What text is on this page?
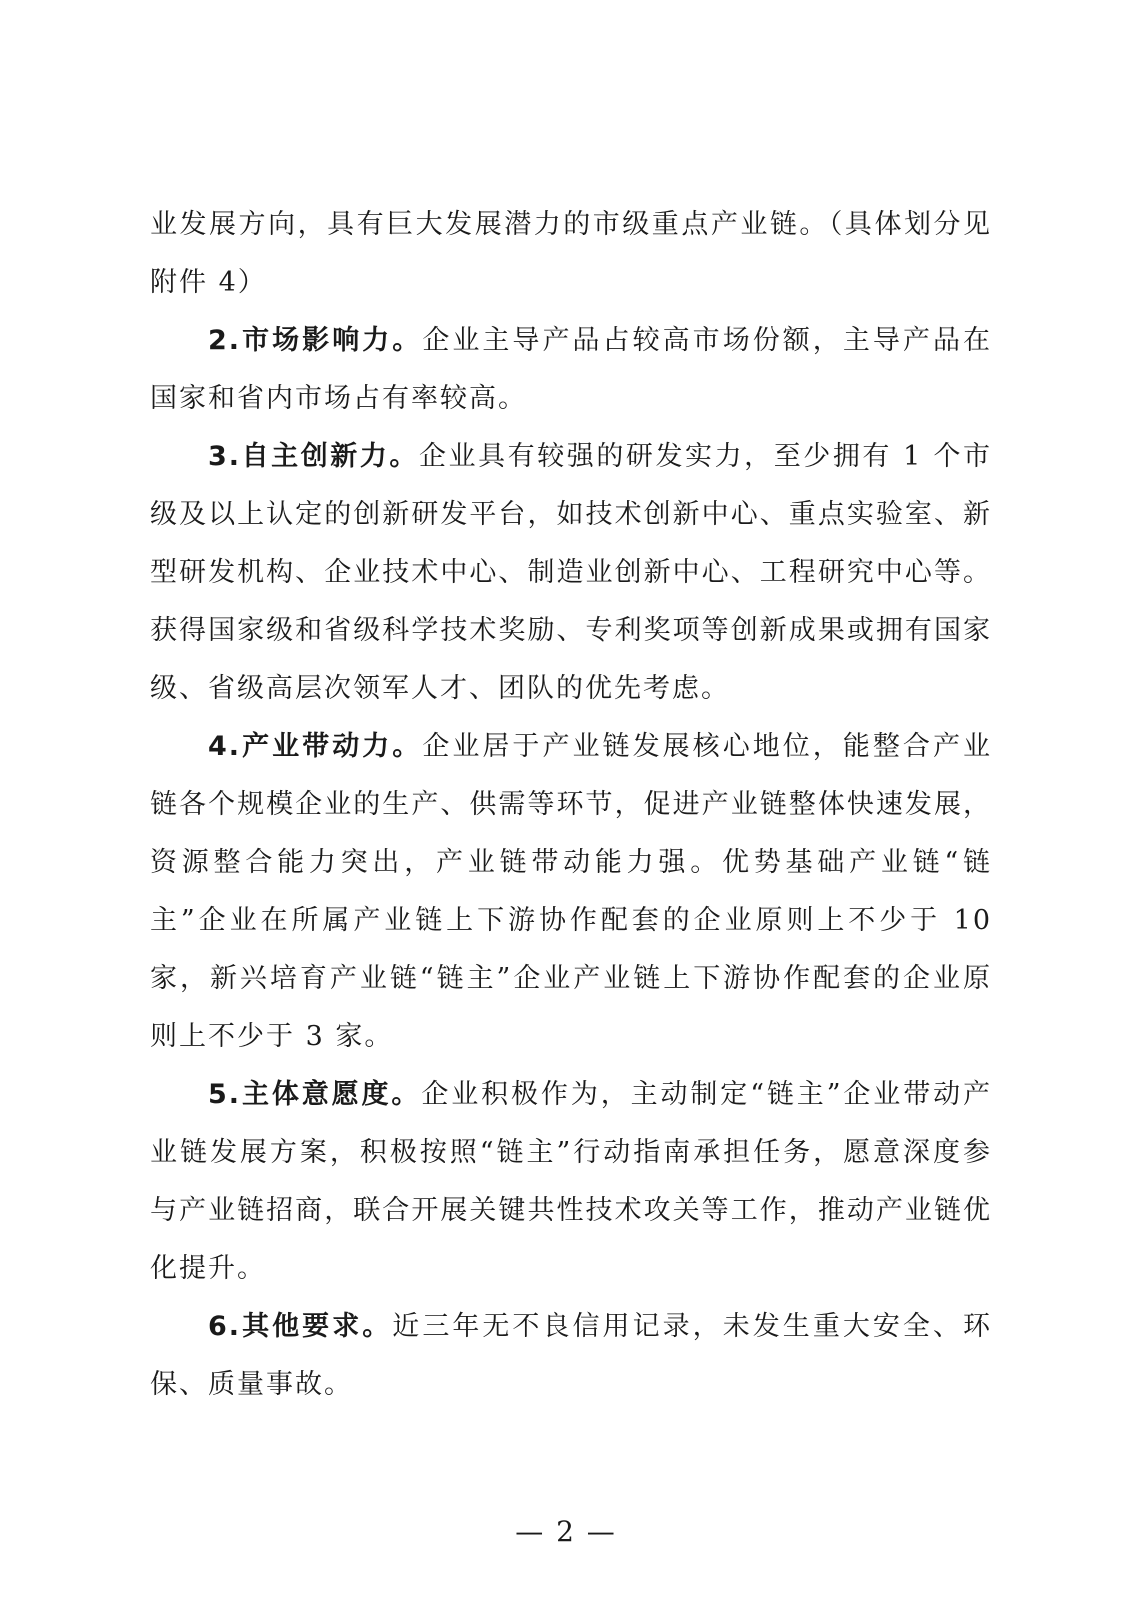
业发展方向，具有巨大发展潜力的市级重点产业链。（具体划分见附件 4）

2.市场影响力。企业主导产品占较高市场份额，主导产品在国家和省内市场占有率较高。

3.自主创新力。企业具有较强的研发实力，至少拥有 1 个市级及以上认定的创新研发平台，如技术创新中心、重点实验室、新型研发机构、企业技术中心、制造业创新中心、工程研究中心等。获得国家级和省级科学技术奖励、专利奖项等创新成果或拥有国家级、省级高层次领军人才、团队的优先考虑。

4.产业带动力。企业居于产业链发展核心地位，能整合产业链各个规模企业的生产、供需等环节，促进产业链整体快速发展，资源整合能力突出，产业链带动能力强。优势基础产业链“链主”企业在所属产业链上下游协作配套的企业原则上不少于 10 家，新兴培育产业链“链主”企业产业链上下游协作配套的企业原则上不少于 3 家。

5.主体意愿度。企业积极作为，主动制定“链主”企业带动产业链发展方案，积极按照“链主”行动指南承担任务，愿意深度参与产业链招商，联合开展关键共性技术攻关等工作，推动产业链优化提升。

6.其他要求。近三年无不良信用记录，未发生重大安全、环保、质量事故。

— 2 —
